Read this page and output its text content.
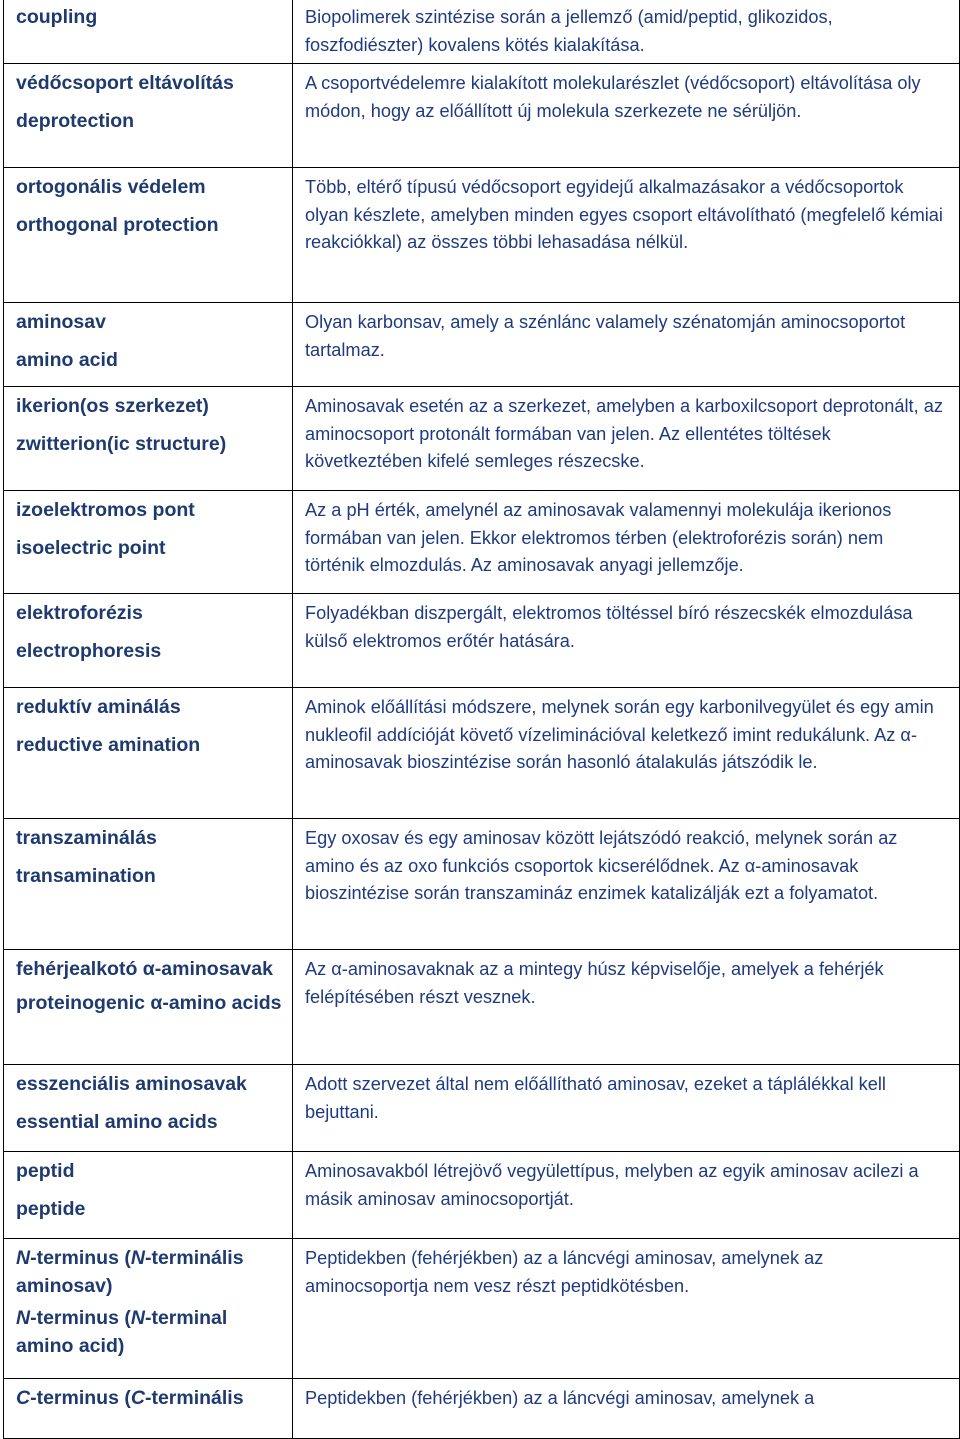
coupling	Biopolimerek szintézise során a jellemző (amid/peptid, glikozidos, foszfodiészter) kovalens kötés kialakítása.

védőcsoport eltávolítás
deprotection	A csoportvédelemre kialakított molekularészlet (védőcsoport) eltávolítása oly módon, hogy az előállított új molekula szerkezete ne sérüljön.

ortogonális védelem
orthogonal protection	Több, eltérő típusú védőcsoport egyidejű alkalmazásakor a védőcsoportok olyan készlete, amelyben minden egyes csoport eltávolítható (megfelelő kémiai reakciókkal) az összes többi lehasadása nélkül.

aminosav
amino acid	Olyan karbonsav, amely a szénlánc valamely szénatomján aminocsoportot tartalmaz.

ikerion(os szerkezet)
zwitterion(ic structure)	Aminosavak esetén az a szerkezet, amelyben a karboxilcsoport deprotonált, az aminocsoport protonált formában van jelen. Az ellentétes töltések következtében kifelé semleges részecske.

izoelektromos pont
isoelectric point	Az a pH érték, amelynél az aminosavak valamennyi molekulája ikerionos formában van jelen. Ekkor elektromos térben (elektroforézis során) nem történik elmozdulás. Az aminosavak anyagi jellemzője.

elektroforézis
electrophoresis	Folyadékban diszpergált, elektromos töltéssel bíró részecskék elmozdulása külső elektromos erőtér hatására.

reduktív aminálás
reductive amination	Aminok előállítási módszere, melynek során egy karbonilvegyület és egy amin nukleofil addícióját követő vízeliminációval keletkező imint redukálunk. Az α-aminosavak bioszintézise során hasonló átalakulás játszódik le.

transzaminálás
transamination	Egy oxosav és egy aminosav között lejátszódó reakció, melynek során az amino és az oxo funkciós csoportok kicserélődnek. Az α-aminosavak bioszintézise során transzamináz enzimek katalizálják ezt a folyamatot.

fehérjealkotó α-aminosavak
proteinogenic α-amino acids	Az α-aminosavaknak az a mintegy húsz képviselője, amelyek a fehérjék felépítésében részt vesznek.

esszenciális aminosavak
essential amino acids	Adott szervezet által nem előállítható aminosav, ezeket a táplálékkal kell bejuttani.

peptid
peptide	Aminosavakból létrejövő vegyülettípus, melyben az egyik aminosav acilezi a másik aminosav aminocsoportját.

N-terminus (N-terminális aminosav)
N-terminus (N-terminal amino acid)	Peptidekben (fehérjékben) az a láncvégi aminosav, amelynek az aminocsoportja nem vesz részt peptidkötésben.

C-terminus (C-terminális	Peptidekben (fehérjékben) az a láncvégi aminosav, amelynek a
